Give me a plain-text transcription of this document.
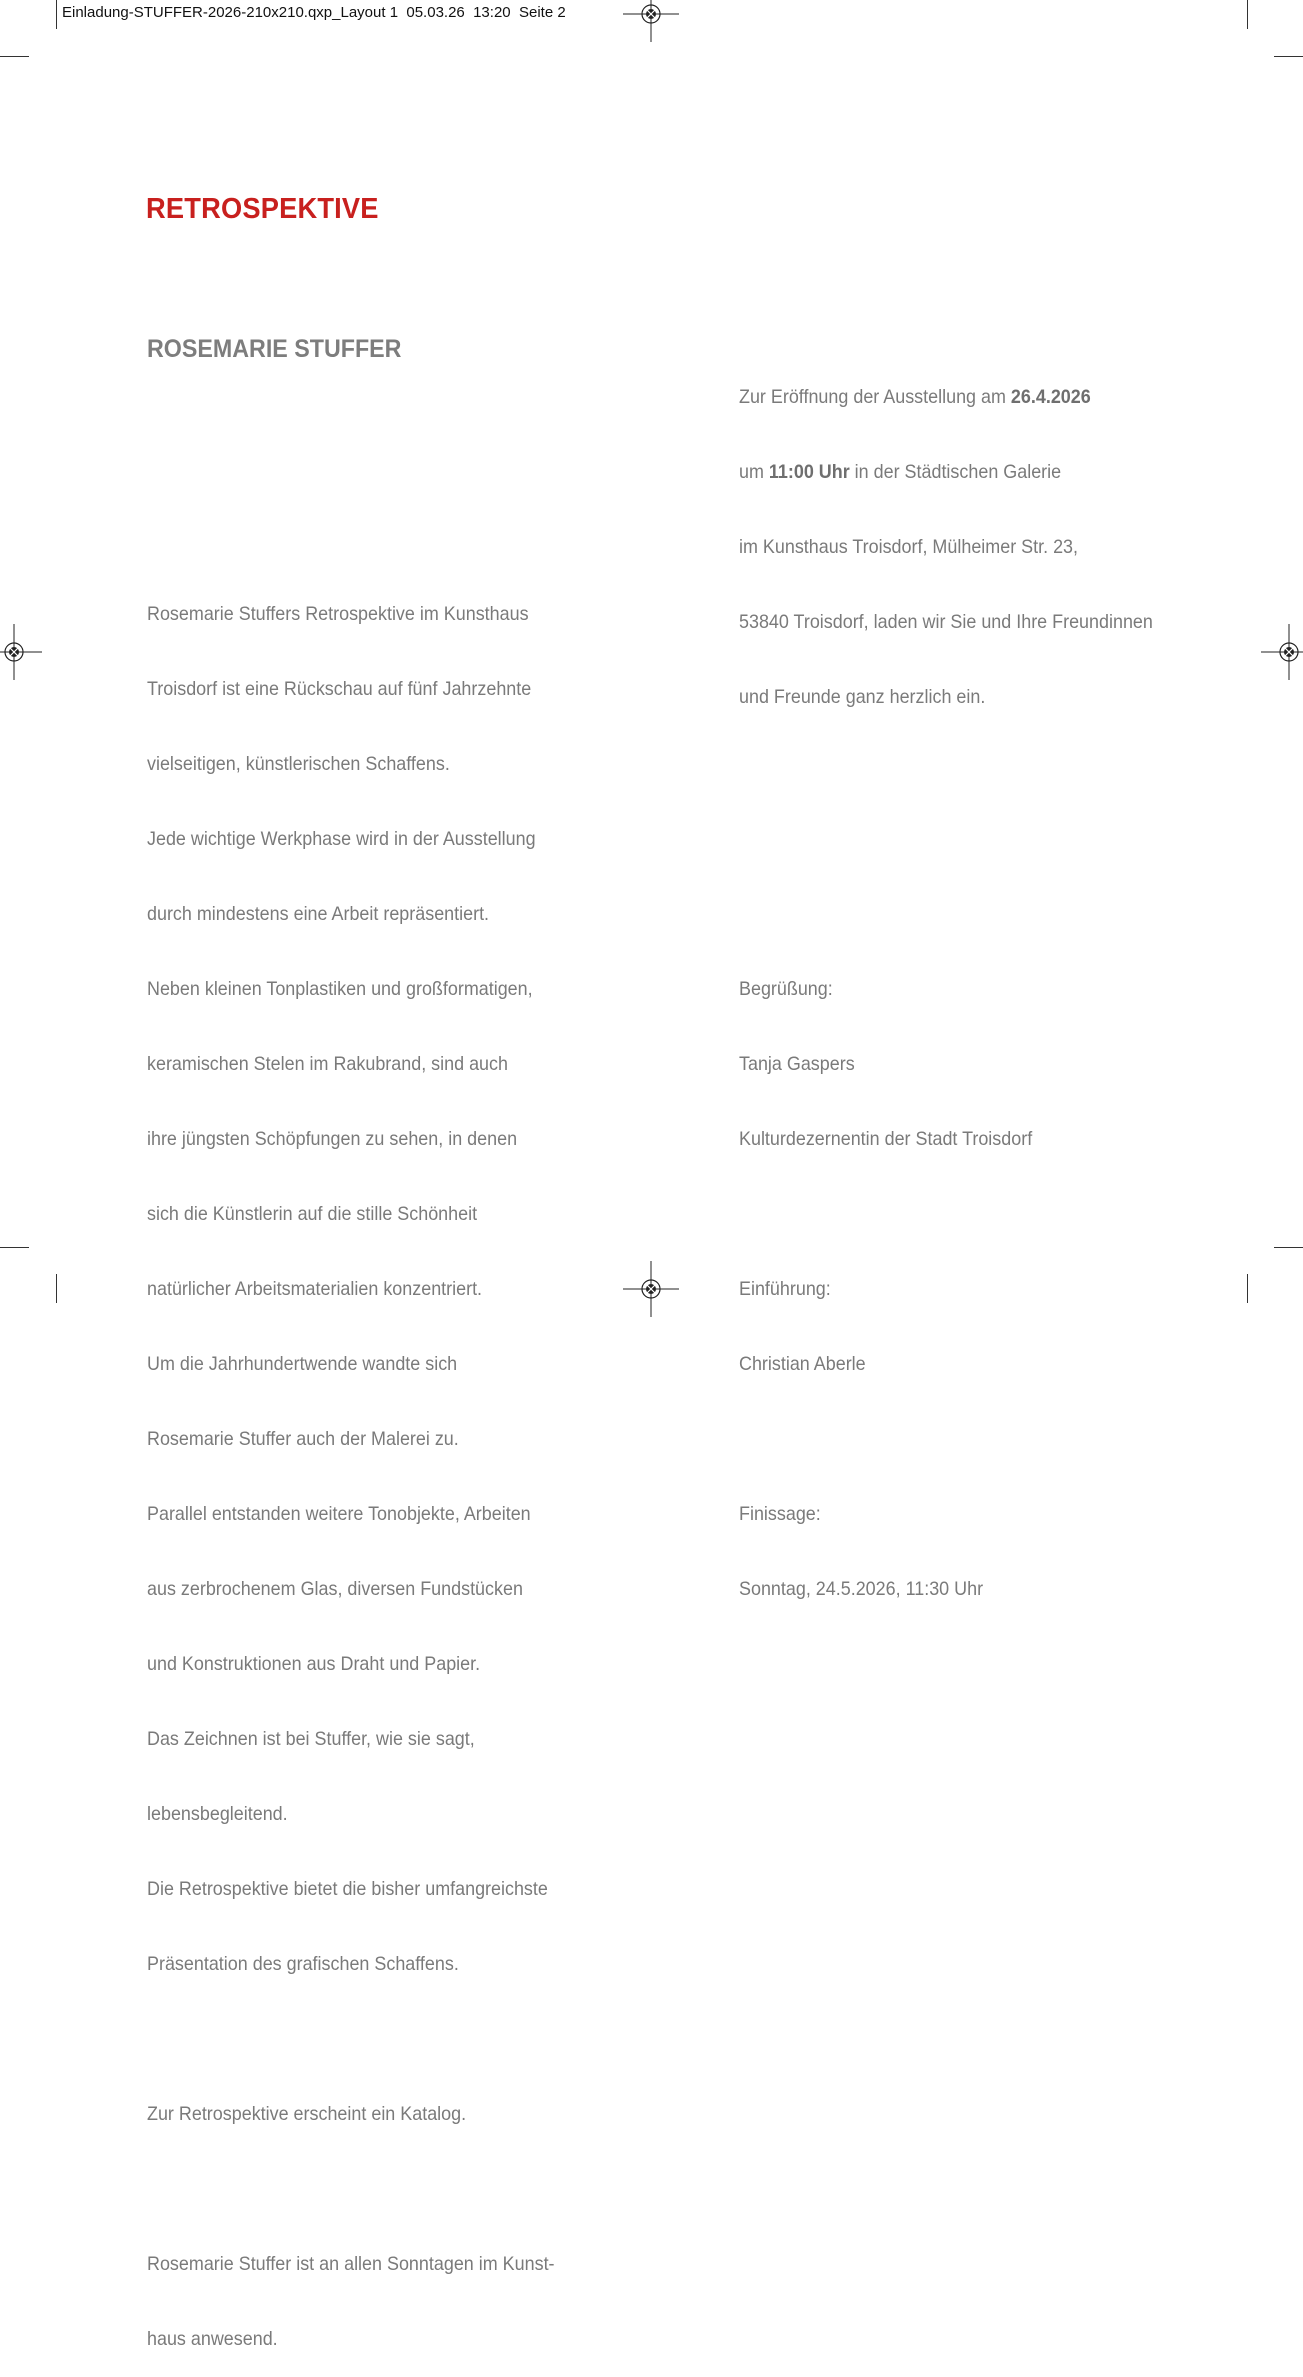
Einladung-STUFFER-2026-210x210.qxp_Layout 1  05.03.26  13:20  Seite 2
RETROSPEKTIVE
ROSEMARIE STUFFER

Zur Eröffnung der Ausstellung am 26.4.2026

um 11:00 Uhr in der Städtischen Galerie

im Kunsthaus Troisdorf, Mülheimer Str. 23,

53840 Troisdorf, laden wir Sie und Ihre Freundinnen

und Freunde ganz herzlich ein.

Rosemarie Stuffers Retrospektive im Kunsthaus

Troisdorf ist eine Rückschau auf fünf Jahrzehnte

vielseitigen, künstlerischen Schaffens.

Jede wichtige Werkphase wird in der Ausstellung

durch mindestens eine Arbeit repräsentiert.

Neben kleinen Tonplastiken und großformatigen,

keramischen Stelen im Rakubrand, sind auch

ihre jüngsten Schöpfungen zu sehen, in denen

sich die Künstlerin auf die stille Schönheit

natürlicher Arbeitsmaterialien konzentriert.

Um die Jahrhundertwende wandte sich

Rosemarie Stuffer auch der Malerei zu.

Parallel entstanden weitere Tonobjekte, Arbeiten

aus zerbrochenem Glas, diversen Fundstücken

und Konstruktionen aus Draht und Papier.

Das Zeichnen ist bei Stuffer, wie sie sagt,

lebensbegleitend.

Die Retrospektive bietet die bisher umfangreichste

Präsentation des grafischen Schaffens.

Zur Retrospektive erscheint ein Katalog.

Rosemarie Stuffer ist an allen Sonntagen im Kunst-

haus anwesend.

Begrüßung:

Tanja Gaspers

Kulturdezernentin der Stadt Troisdorf

Einführung:

Christian Aberle

Finissage:

Sonntag, 24.5.2026, 11:30 Uhr
